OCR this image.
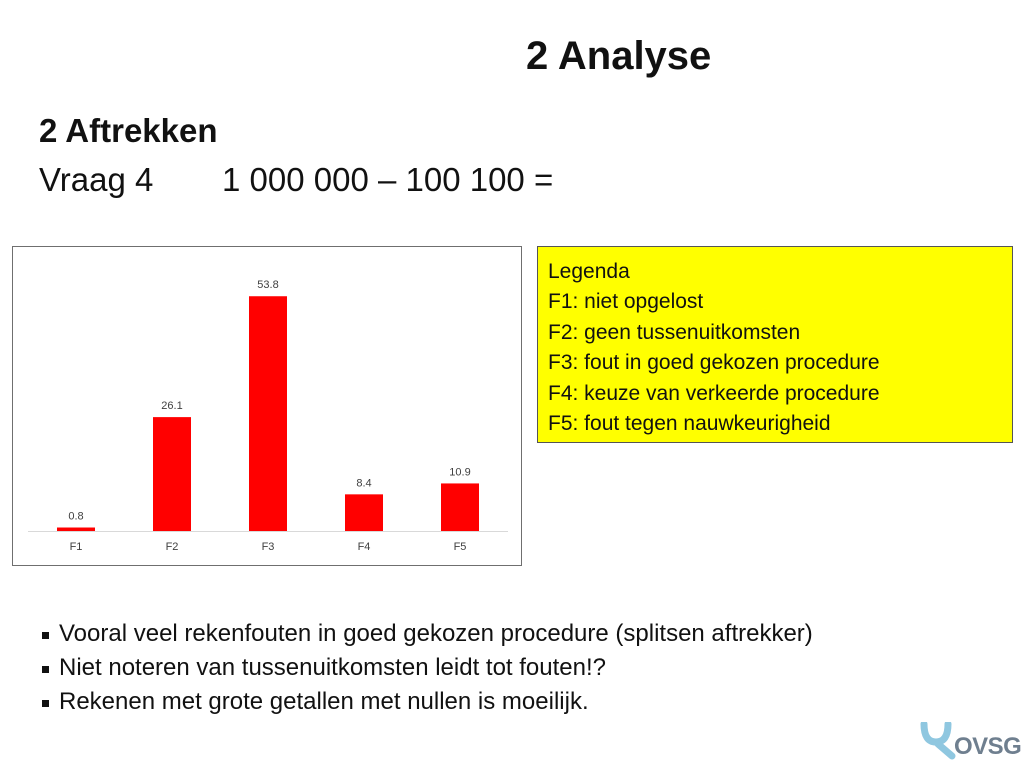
2 Analyse
2 Aftrekken
Vraag 4 1 000 000 – 100 100 =
0.8
F1
26.1
F2
53.8
F3
8.4
F4
10.9
F5
Legenda
F1: niet opgelost
F2: geen tussenuitkomsten
F3: fout in goed gekozen procedure
F4: keuze van verkeerde procedure
F5: fout tegen nauwkeurigheid
Vooral veel rekenfouten in goed gekozen procedure (splitsen aftrekker)
Niet noteren van tussenuitkomsten leidt tot fouten!?
Rekenen met grote getallen met nullen is moeilijk.
OVSG
